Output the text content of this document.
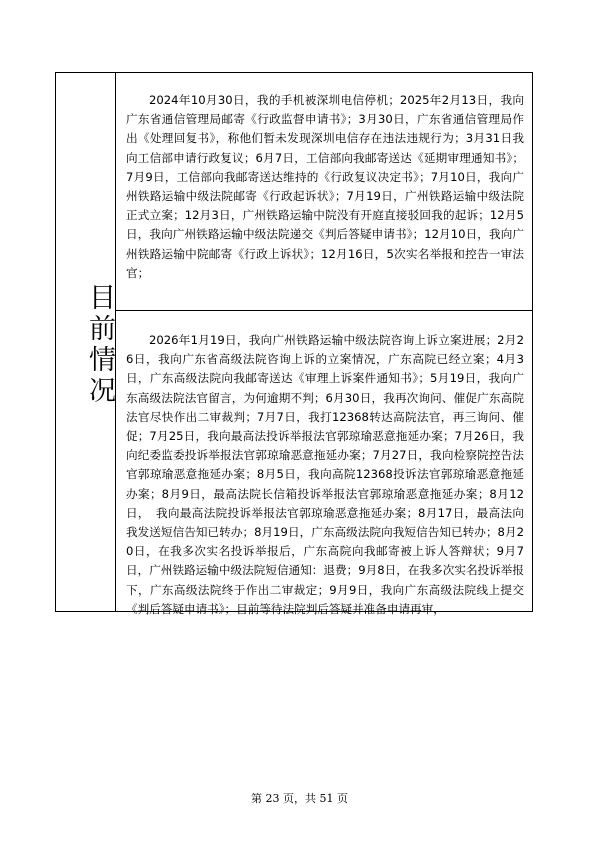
目
前
情
况

2024年10月30日，我的手机被深圳电信停机；2025年2月13日，我向广东省通信管理局邮寄《行政监督申请书》；3月30日，广东省通信管理局作出《处理回复书》，称他们暂未发现深圳电信存在违法违规行为；3月31日我向工信部申请行政复议；6月7日，工信部向我邮寄送达《延期审理通知书》；7月9日，工信部向我邮寄送达维持的《行政复议决定书》；7月10日，我向广州铁路运输中级法院邮寄《行政起诉状》；7月19日，广州铁路运输中级法院正式立案；12月3日，广州铁路运输中院没有开庭直接驳回我的起诉；12月5日，我向广州铁路运输中级法院递交《判后答疑申请书》；12月10日，我向广州铁路运输中院邮寄《行政上诉状》；12月16日，5次实名举报和控告一审法官；

2026年1月19日，我向广州铁路运输中级法院咨询上诉立案进展；2月26日，我向广东省高级法院咨询上诉的立案情况，广东高院已经立案；4月3日，广东高级法院向我邮寄送达《审理上诉案件通知书》；5月19日，我向广东高级法院法官留言，为何逾期不判；6月30日，我再次询问、催促广东高院法官尽快作出二审裁判；7月7日，我打12368转达高院法官，再三询问、催促；7月25日，我向最高法投诉举报法官郭琼瑜恶意拖延办案；7月26日，我向纪委监委投诉举报法官郭琼瑜恶意拖延办案；7月27日，我向检察院控告法官郭琼瑜恶意拖延办案；8月5日，我向高院12368投诉法官郭琼瑜恶意拖延办案；8月9日，最高法院长信箱投诉举报法官郭琼瑜恶意拖延办案；8月12日，　我向最高法院投诉举报法官郭琼瑜恶意拖延办案；8月17日，最高法向我发送短信告知已转办；8月19日，广东高级法院向我短信告知已转办；8月20日，在我多次实名投诉举报后，广东高院向我邮寄被上诉人答辩状；9月7日，广州铁路运输中级法院短信通知：退费；9月8日，在我多次实名投诉举报下，广东高级法院终于作出二审裁定；9月9日，我向广东高级法院线上提交《判后答疑申请书》；目前等待法院判后答疑并准备申请再审，

第 23 页，共 51 页
